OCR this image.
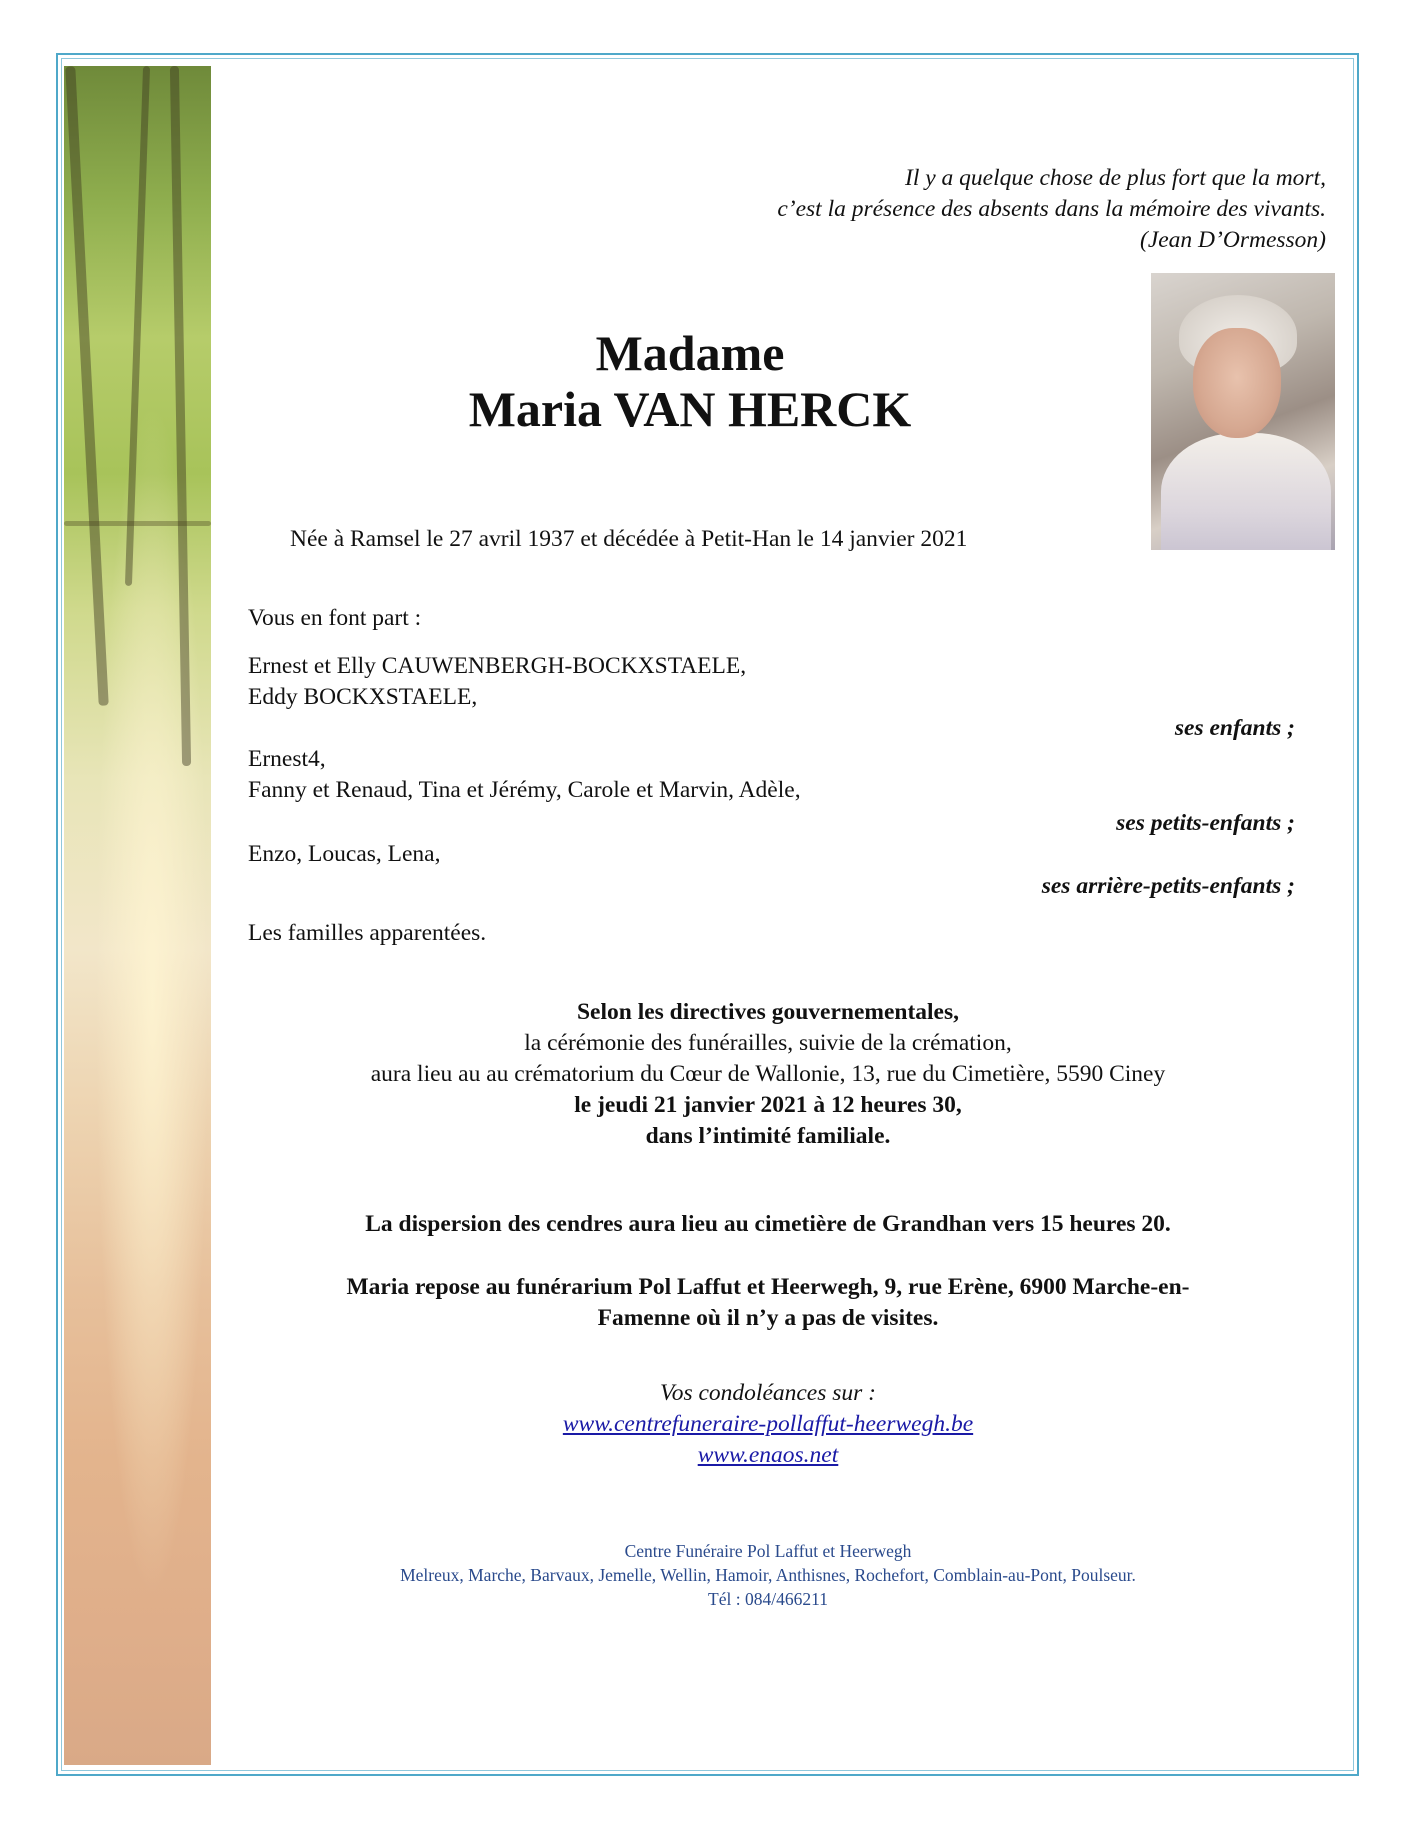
Il y a quelque chose de plus fort que la mort,
c’est la présence des absents dans la mémoire des vivants.
(Jean D’Ormesson)
Madame
Maria VAN HERCK
Née à Ramsel le 27 avril 1937 et décédée à Petit-Han le 14 janvier 2021
Vous en font part :
Ernest et Elly CAUWENBERGH-BOCKXSTAELE,
Eddy BOCKXSTAELE,
ses enfants ;
Ernest4,
Fanny et Renaud, Tina et Jérémy, Carole et Marvin, Adèle,
ses petits-enfants ;
Enzo, Loucas, Lena,
ses arrière-petits-enfants ;
Les familles apparentées.
Selon les directives gouvernementales,
la cérémonie des funérailles, suivie de la crémation,
aura lieu au au crématorium du Cœur de Wallonie, 13, rue du Cimetière, 5590 Ciney
le jeudi 21 janvier 2021 à 12 heures 30,
dans l’intimité familiale.
La dispersion des cendres aura lieu au cimetière de Grandhan vers 15 heures 20.
Maria repose au funérarium Pol Laffut et Heerwegh, 9, rue Erène, 6900 Marche-en-
Famenne où il n’y a pas de visites.
Vos condoléances sur :
www.centrefuneraire-pollaffut-heerwegh.be
www.enaos.net
Centre Funéraire Pol Laffut et Heerwegh
Melreux, Marche, Barvaux, Jemelle, Wellin, Hamoir, Anthisnes, Rochefort, Comblain-au-Pont, Poulseur.
Tél : 084/466211
